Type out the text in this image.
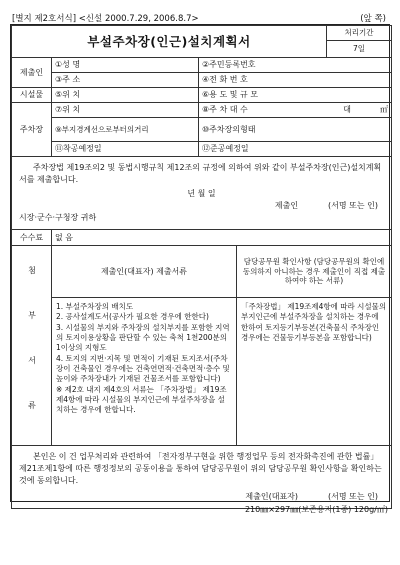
[별지 제2호서식] <신설 2000.7.29, 2006.8.7>	(앞 쪽)
부설주차장(인근)설치계획서				처리기간
				7일
제출인	①성 명	②주민등록번호		
	③주 소	④전 화 번 호		
시설물	⑤위 치	⑥용 도 및 규 모		
주차장	⑦위 치	⑧주 차 대 수 대 ㎡		

	⑨부지경계선으로부터의거리	⑩주차장의형태		
	⑪착공예정일	⑫준공예정일		

주차장법 제19조의2 및 동법시행규칙 제12조의 규정에 의하여 위와 같이 부설주차장(인근)설치계획서를 제출합니다.
년 월 일
제출인 (서명 또는 인)
시장·군수·구청장 귀하				

수수료	없 음			
첨 부 서 류	제출인(대표자) 제출서류		담당공무원 확인사항 (담당공무원의 확인에 동의하지 아니하는 경우 제출인이 직접 제출하여야 하는 서류)	

	1. 부설주차장의 배치도
2. 공사설계도서(공사가 필요한 경우에 한한다)
3. 시설물의 부지와 주차장의 설치부지를 포함한 지역의 토지이용상황을 판단할 수 있는 축척 1천200분의 1이상의 지형도
4. 토지의 지번·지목 및 면적이 기재된 토지조서(주차장이 건축물인 경우에는 건축연면적·건축면적·층수 및 높이와 주차장내가 기재된 건물조서를 포함합니다)
※ 제2호 내지 제4호의 서류는 「주차장법」 제19조제4항에 따라 시설물의 부지인근에 부설주차장을 설치하는 경우에 한합니다.		「주차장법」 제19조제4항에 따라 시설물의 부지인근에 부설주차장을 설치하는 경우에 한하여 토지등기부등본(건축물식 주차장인 경우에는 건물등기부등본을 포함합니다)	

본인은 이 건 업무처리와 관련하여 「전자정부구현을 위한 행정업무 등의 전자화촉진에 관한 법률」 제21조제1항에 따른 행정정보의 공동이용을 통하여 담당공무원이 위의 담당공무원 확인사항을 확인하는 것에 동의합니다.
제출인(대표자) (서명 또는 인)				
210㎜×297㎜(보존용지(1종) 120g/㎡)
